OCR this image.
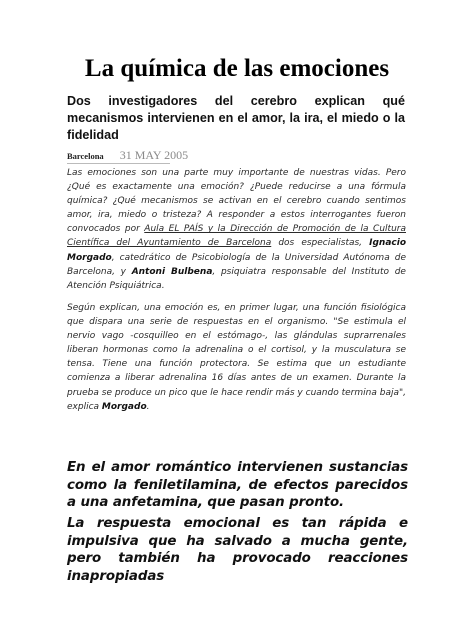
La química de las emociones

Dos investigadores del cerebro explican qué mecanismos intervienen en el amor, la ira, el miedo o la fidelidad

Barcelona 31 MAY 2005

Las emociones son una parte muy importante de nuestras vidas. Pero ¿Qué es exactamente una emoción? ¿Puede reducirse a una fórmula química? ¿Qué mecanismos se activan en el cerebro cuando sentimos amor, ira, miedo o tristeza? A responder a estos interrogantes fueron convocados por Aula EL PAÍS y la Dirección de Promoción de la Cultura Científica del Ayuntamiento de Barcelona dos especialistas, Ignacio Morgado, catedrático de Psicobiología de la Universidad Autónoma de Barcelona, y Antoni Bulbena, psiquiatra responsable del Instituto de Atención Psiquiátrica.

Según explican, una emoción es, en primer lugar, una función fisiológica que dispara una serie de respuestas en el organismo. "Se estimula el nervio vago -cosquilleo en el estómago-, las glándulas suprarrenales liberan hormonas como la adrenalina o el cortisol, y la musculatura se tensa. Tiene una función protectora. Se estima que un estudiante comienza a liberar adrenalina 16 días antes de un examen. Durante la prueba se produce un pico que le hace rendir más y cuando termina baja", explica Morgado.

En el amor romántico intervienen sustancias como la feniletilamina, de efectos parecidos a una anfetamina, que pasan pronto.

La respuesta emocional es tan rápida e impulsiva que ha salvado a mucha gente, pero también ha provocado reacciones inapropiadas
